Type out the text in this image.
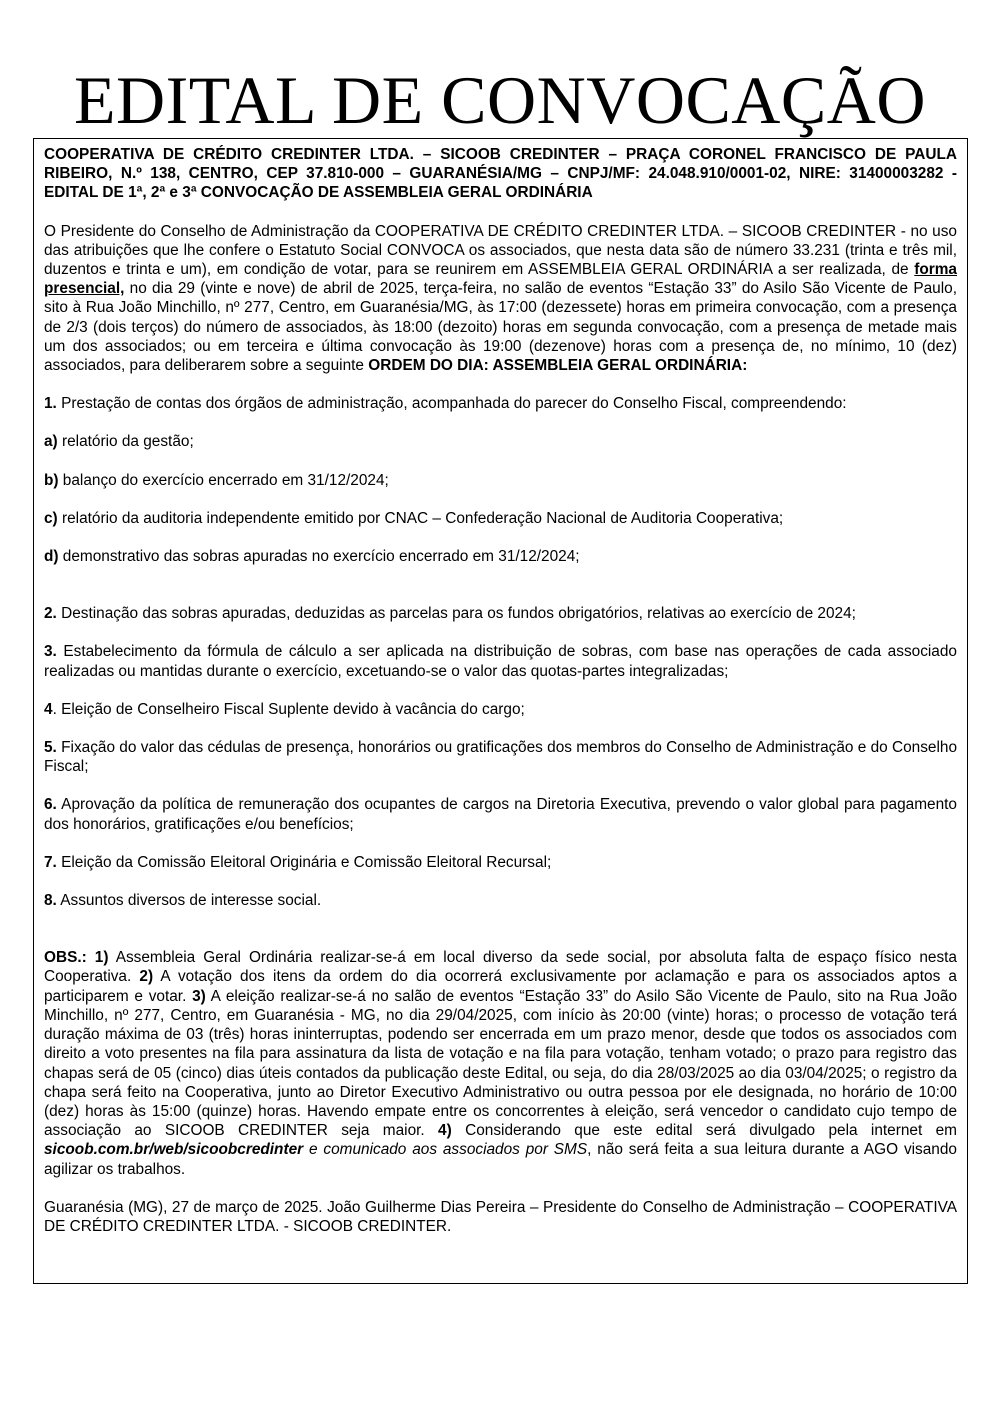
EDITAL DE CONVOCAÇÃO

COOPERATIVA DE CRÉDITO CREDINTER LTDA. – SICOOB CREDINTER – PRAÇA CORONEL FRANCISCO DE PAULA RIBEIRO, N.º 138, CENTRO, CEP 37.810-000 – GUARANÉSIA/MG – CNPJ/MF: 24.048.910/0001-02, NIRE: 31400003282 - EDITAL DE 1ª, 2ª e 3ª CONVOCAÇÃO DE ASSEMBLEIA GERAL ORDINÁRIA

O Presidente do Conselho de Administração da COOPERATIVA DE CRÉDITO CREDINTER LTDA. – SICOOB CREDINTER - no uso das atribuições que lhe confere o Estatuto Social CONVOCA os associados, que nesta data são de número 33.231 (trinta e três mil, duzentos e trinta e um), em condição de votar, para se reunirem em ASSEMBLEIA GERAL ORDINÁRIA a ser realizada, de forma presencial, no dia 29 (vinte e nove) de abril de 2025, terça-feira, no salão de eventos “Estação 33” do Asilo São Vicente de Paulo, sito à Rua João Minchillo, nº 277, Centro, em Guaranésia/MG, às 17:00 (dezessete) horas em primeira convocação, com a presença de 2/3 (dois terços) do número de associados, às 18:00 (dezoito) horas em segunda convocação, com a presença de metade mais um dos associados; ou em terceira e última convocação às 19:00 (dezenove) horas com a presença de, no mínimo, 10 (dez) associados, para deliberarem sobre a seguinte ORDEM DO DIA: ASSEMBLEIA GERAL ORDINÁRIA:

1. Prestação de contas dos órgãos de administração, acompanhada do parecer do Conselho Fiscal, compreendendo:

a) relatório da gestão;

b) balanço do exercício encerrado em 31/12/2024;

c) relatório da auditoria independente emitido por CNAC – Confederação Nacional de Auditoria Cooperativa;

d) demonstrativo das sobras apuradas no exercício encerrado em 31/12/2024;

2. Destinação das sobras apuradas, deduzidas as parcelas para os fundos obrigatórios, relativas ao exercício de 2024;

3. Estabelecimento da fórmula de cálculo a ser aplicada na distribuição de sobras, com base nas operações de cada associado realizadas ou mantidas durante o exercício, excetuando-se o valor das quotas-partes integralizadas;

4. Eleição de Conselheiro Fiscal Suplente devido à vacância do cargo;

5. Fixação do valor das cédulas de presença, honorários ou gratificações dos membros do Conselho de Administração e do Conselho Fiscal;

6. Aprovação da política de remuneração dos ocupantes de cargos na Diretoria Executiva, prevendo o valor global para pagamento dos honorários, gratificações e/ou benefícios;

7. Eleição da Comissão Eleitoral Originária e Comissão Eleitoral Recursal;

8. Assuntos diversos de interesse social.

OBS.: 1) Assembleia Geral Ordinária realizar-se-á em local diverso da sede social, por absoluta falta de espaço físico nesta Cooperativa. 2) A votação dos itens da ordem do dia ocorrerá exclusivamente por aclamação e para os associados aptos a participarem e votar. 3) A eleição realizar-se-á no salão de eventos “Estação 33” do Asilo São Vicente de Paulo, sito na Rua João Minchillo, nº 277, Centro, em Guaranésia - MG, no dia 29/04/2025, com início às 20:00 (vinte) horas; o processo de votação terá duração máxima de 03 (três) horas ininterruptas, podendo ser encerrada em um prazo menor, desde que todos os associados com direito a voto presentes na fila para assinatura da lista de votação e na fila para votação, tenham votado; o prazo para registro das chapas será de 05 (cinco) dias úteis contados da publicação deste Edital, ou seja, do dia 28/03/2025 ao dia 03/04/2025; o registro da chapa será feito na Cooperativa, junto ao Diretor Executivo Administrativo ou outra pessoa por ele designada, no horário de 10:00 (dez) horas às 15:00 (quinze) horas. Havendo empate entre os concorrentes à eleição, será vencedor o candidato cujo tempo de associação ao SICOOB CREDINTER seja maior. 4) Considerando que este edital será divulgado pela internet em sicoob.com.br/web/sicoobcredinter e comunicado aos associados por SMS, não será feita a sua leitura durante a AGO visando agilizar os trabalhos.

Guaranésia (MG), 27 de março de 2025. João Guilherme Dias Pereira – Presidente do Conselho de Administração – COOPERATIVA DE CRÉDITO CREDINTER LTDA. - SICOOB CREDINTER.
